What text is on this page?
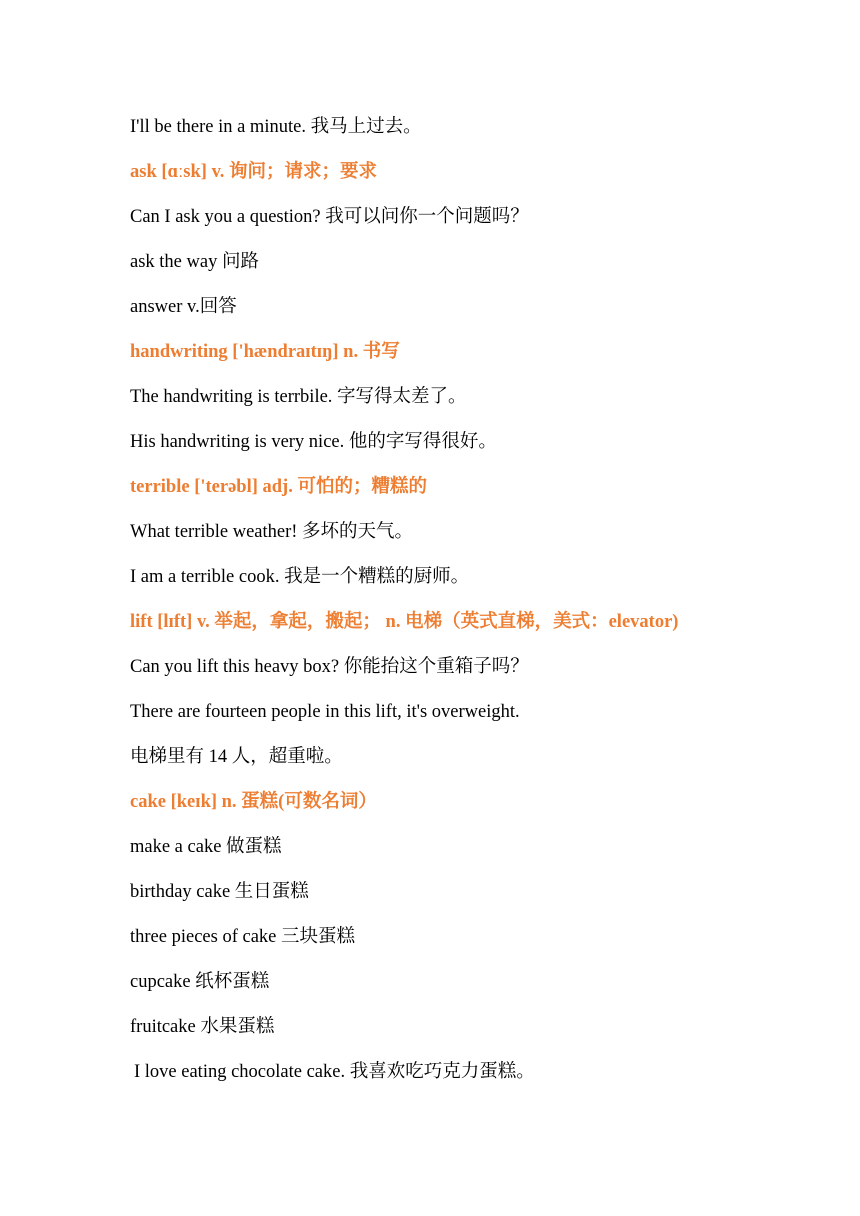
I'll be there in a minute. 我马上过去。
ask [ɑːsk] v. 询问；请求；要求
Can I ask you a question? 我可以问你一个问题吗？
ask the way 问路
answer v.回答
handwriting ['hændraɪtɪŋ] n. 书写
The handwriting is terrbile. 字写得太差了。
His handwriting is very nice. 他的字写得很好。
terrible ['terəbl] adj. 可怕的；糟糕的
What terrible weather! 多坏的天气。
I am a terrible cook. 我是一个糟糕的厨师。
lift [lɪft] v. 举起，拿起，搬起； n. 电梯（英式直梯，美式：elevator)
Can you lift this heavy box? 你能抬这个重箱子吗？
There are fourteen people in this lift, it's overweight.
电梯里有 14 人，超重啦。
cake [keɪk] n. 蛋糕(可数名词）
make a cake 做蛋糕
birthday cake 生日蛋糕
three pieces of cake 三块蛋糕
cupcake 纸杯蛋糕
fruitcake 水果蛋糕
I love eating chocolate cake. 我喜欢吃巧克力蛋糕。
